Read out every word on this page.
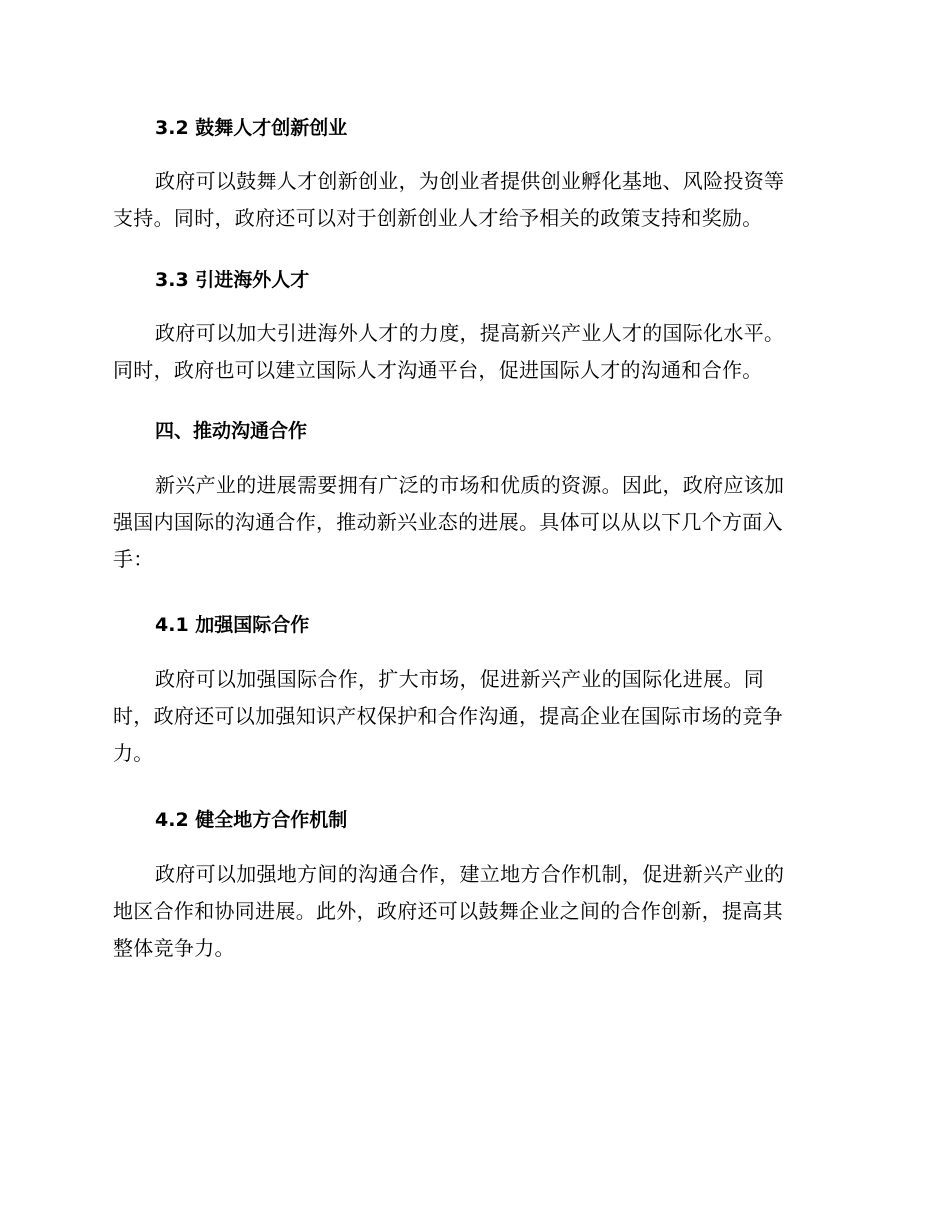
3.2 鼓舞人才创新创业
政府可以鼓舞人才创新创业，为创业者提供创业孵化基地、风险投资等
支持。同时，政府还可以对于创新创业人才给予相关的政策支持和奖励。
3.3 引进海外人才
政府可以加大引进海外人才的力度，提高新兴产业人才的国际化水平。
同时，政府也可以建立国际人才沟通平台，促进国际人才的沟通和合作。
四、推动沟通合作
新兴产业的进展需要拥有广泛的市场和优质的资源。因此，政府应该加
强国内国际的沟通合作，推动新兴业态的进展。具体可以从以下几个方面入
手：
4.1 加强国际合作
政府可以加强国际合作，扩大市场，促进新兴产业的国际化进展。同
时，政府还可以加强知识产权保护和合作沟通，提高企业在国际市场的竞争
力。
4.2 健全地方合作机制
政府可以加强地方间的沟通合作，建立地方合作机制，促进新兴产业的
地区合作和协同进展。此外，政府还可以鼓舞企业之间的合作创新，提高其
整体竞争力。
